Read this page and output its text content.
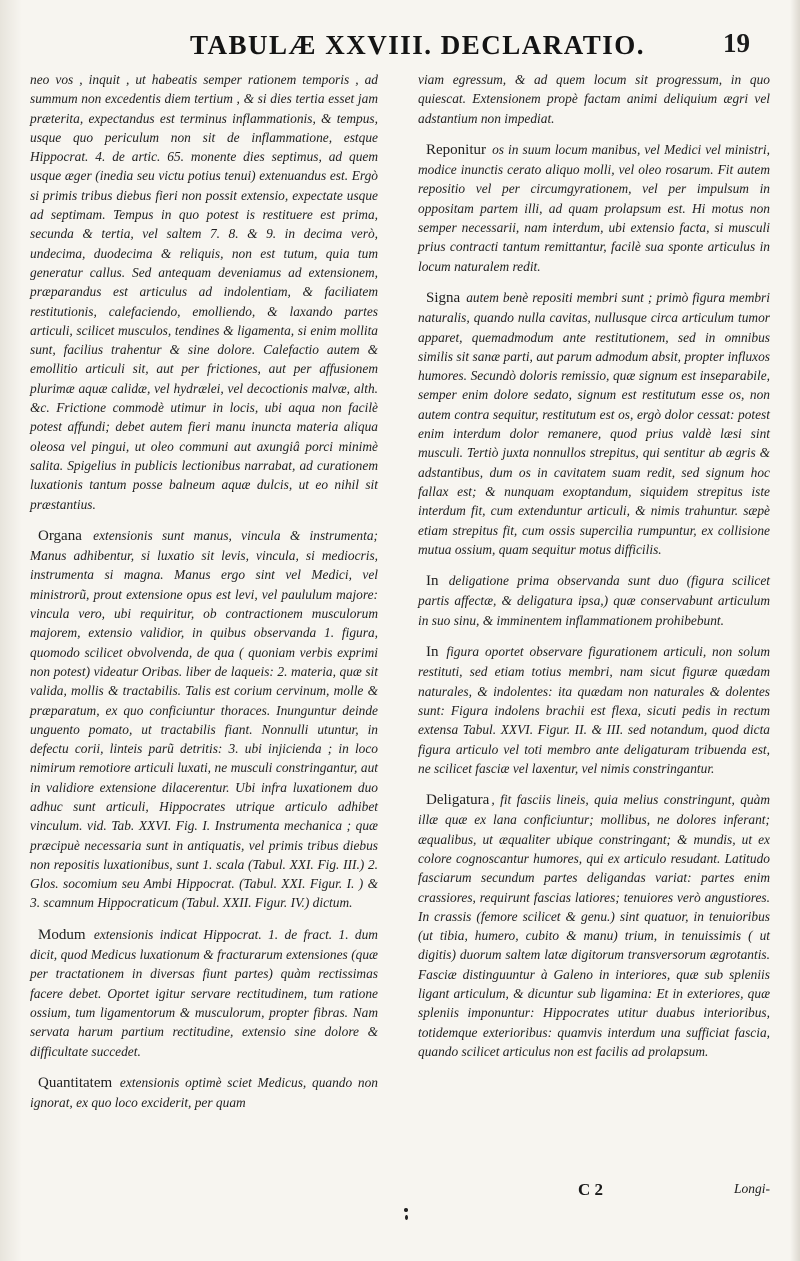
TABULÆ XXVIII. DECLARATIO.	19

neo vos , inquit , ut habeatis semper rationem temporis , ad summum non excedentis diem tertium , & si dies tertia esset jam præterita, expectandus est terminus inflammationis, & tempus, usque quo periculum non sit de inflammatione, estque Hippocrat. 4. de artic. 65. monente dies septimus, ad quem usque æger (inedia seu victu potius tenui) extenuandus est. Ergò si primis tribus diebus fieri non possit extensio, expectate usque ad septimam. Tempus in quo potest is restituere est prima, secunda & tertia, vel saltem 7. 8. & 9. in decima verò, undecima, duodecima & reliquis, non est tutum, quia tum generatur callus. Sed antequam deveniamus ad extensionem, præparandus est articulus ad indolentiam, & faciliatem restitutionis, calefaciendo, emolliendo, & laxando partes articuli, scilicet musculos, tendines & ligamenta, si enim mollita sunt, facilius trahentur & sine dolore. Calefactio autem & emollitio articuli sit, aut per frictiones, aut per affusionem plurimæ aquæ calidæ, vel hydrælei, vel decoctionis malvæ, alth. &c. Frictione commodè utimur in locis, ubi aqua non facilè potest affundi; debet autem fieri manu inuncta materia aliqua oleosa vel pingui, ut oleo communi aut axungiâ porci minimè salita. Spigelius in publicis lectionibus narrabat, ad curationem luxationis tantum posse balneum aquæ dulcis, ut eo nihil sit præstantius.

Organa extensionis sunt manus, vincula & instrumenta; Manus adhibentur, si luxatio sit levis, vincula, si mediocris, instrumenta si magna. Manus ergo sint vel Medici, vel ministrorũ, prout extensione opus est levi, vel paululum majore: vincula vero, ubi requiritur, ob contractionem musculorum majorem, extensio validior, in quibus observanda 1. figura, quomodo scilicet obvolvenda, de qua ( quoniam verbis exprimi non potest) videatur Oribas. liber de laqueis: 2. materia, quæ sit valida, mollis & tractabilis. Talis est corium cervinum, molle & præparatum, ex quo conficiuntur thoraces. Inunguntur deinde unguento pomato, ut tractabilis fiant. Nonnulli utuntur, in defectu corii, linteis parũ detritis: 3. ubi injicienda ; in loco nimirum remotiore articuli luxati, ne musculi constringantur, aut in validiore extensione dilacerentur. Ubi infra luxationem duo adhuc sunt articuli, Hippocrates utrique articulo adhibet vinculum. vid. Tab. XXVI. Fig. I. Instrumenta mechanica ; quæ præcipuè necessaria sunt in antiquatis, vel primis tribus diebus non repositis luxationibus, sunt 1. scala (Tabul. XXI. Fig. III.) 2. Glos. socomium seu Ambi Hippocrat. (Tabul. XXI. Figur. I. ) & 3. scamnum Hippocraticum (Tabul. XXII. Figur. IV.) dictum.

Modum extensionis indicat Hippocrat. 1. de fract. 1. dum dicit, quod Medicus luxationum & fracturarum extensiones (quæ per tractationem in diversas fiunt partes) quàm rectissimas facere debet. Oportet igitur servare rectitudinem, tum ratione ossium, tum ligamentorum & musculorum, propter fibras. Nam servata harum partium rectitudine, extensio sine dolore & difficultate succedet.

Quantitatem extensionis optimè sciet Medicus, quando non ignorat, ex quo loco exciderit, per quam

viam egressum, & ad quem locum sit progressum, in quo quiescat. Extensionem propè factam animi deliquium ægri vel adstantium non impediat.

Reponitur os in suum locum manibus, vel Medici vel ministri, modice inunctis cerato aliquo molli, vel oleo rosarum. Fit autem repositio vel per circumgyrationem, vel per impulsum in oppositam partem illi, ad quam prolapsum est. Hi motus non semper necessarii, nam interdum, ubi extensio facta, si musculi prius contracti tantum remittantur, facilè sua sponte articulus in locum naturalem redit.

Signa autem benè repositi membri sunt ; primò figura membri naturalis, quando nulla cavitas, nullusque circa articulum tumor apparet, quemadmodum ante restitutionem, sed in omnibus similis sit sanæ parti, aut parum admodum absit, propter influxos humores. Secundò doloris remissio, quæ signum est inseparabile, semper enim dolore sedato, signum est restitutum esse os, non autem contra sequitur, restitutum est os, ergò dolor cessat: potest enim interdum dolor remanere, quod prius valdè læsi sint musculi. Tertiò juxta nonnullos strepitus, qui sentitur ab ægris & adstantibus, dum os in cavitatem suam redit, sed signum hoc fallax est; & nunquam exoptandum, siquidem strepitus iste interdum fit, cum extenduntur articuli, & nimis trahuntur. sæpè etiam strepitus fit, cum ossis supercilia rumpuntur, ex collisione mutua ossium, quam sequitur motus difficilis.

In deligatione prima observanda sunt duo (figura scilicet partis affectæ, & deligatura ipsa,) quæ conservabunt articulum in suo sinu, & imminentem inflammationem prohibebunt.

In figura oportet observare figurationem articuli, non solum restituti, sed etiam totius membri, nam sicut figuræ quædam naturales, & indolentes: ita quædam non naturales & dolentes sunt: Figura indolens brachii est flexa, sicuti pedis in rectum extensa Tabul. XXVI. Figur. II. & III. sed notandum, quod dicta figura articulo vel toti membro ante deligaturam tribuenda est, ne scilicet fasciæ vel laxentur, vel nimis constringantur.

Deligatura , fit fasciis lineis, quia melius constringunt, quàm illæ quæ ex lana conficiuntur; mollibus, ne dolores inferant; æqualibus, ut æqualiter ubique constringant; & mundis, ut ex colore cognoscantur humores, qui ex articulo resudant. Latitudo fasciarum secundum partes deligandas variat: partes enim crassiores, requirunt fascias latiores; tenuiores verò angustiores. In crassis (femore scilicet & genu.) sint quatuor, in tenuioribus (ut tibia, humero, cubito & manu) trium, in tenuissimis ( ut digitis) duorum saltem latæ digitorum transversorum ægrotantis. Fasciæ distinguuntur à Galeno in interiores, quæ sub spleniis ligant articulum, & dicuntur sub ligamina: Et in exteriores, quæ spleniis imponuntur: Hippocrates utitur duabus interioribus, totidemque exterioribus: quamvis interdum una sufficiat fascia, quando scilicet articulus non est facilis ad prolapsum.

C 2	Longi-
